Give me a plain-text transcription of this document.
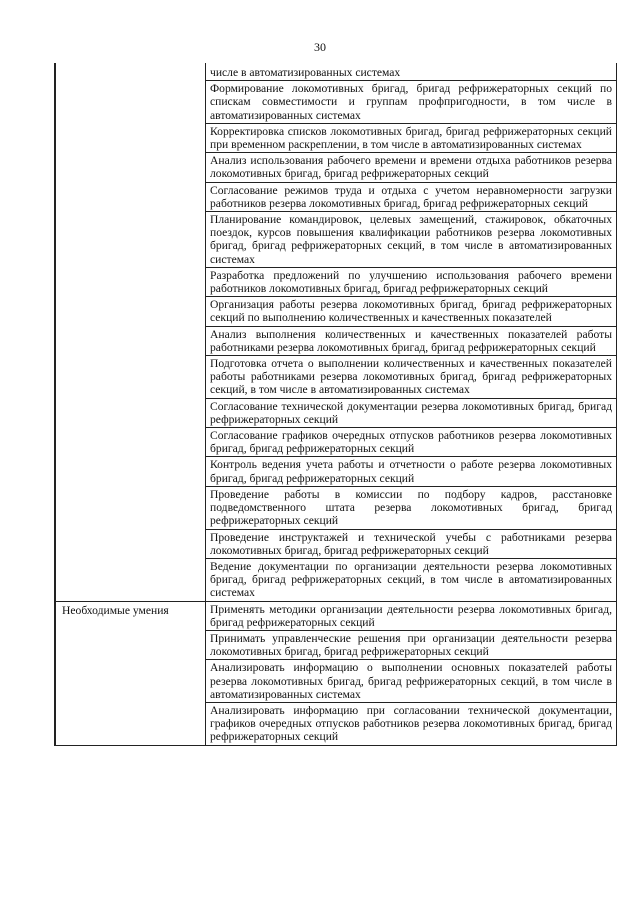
30
	числе в автоматизированных системах
	Формирование локомотивных бригад, бригад рефрижераторных секций по спискам совместимости и группам профпригодности, в том числе в автоматизированных системах
	Корректировка списков локомотивных бригад, бригад рефрижераторных секций при временном раскреплении, в том числе в автоматизированных системах
	Анализ использования рабочего времени и времени отдыха работников резерва локомотивных бригад, бригад рефрижераторных секций
	Согласование режимов труда и отдыха с учетом неравномерности загрузки работников резерва локомотивных бригад, бригад рефрижераторных секций
	Планирование командировок, целевых замещений, стажировок, обкаточных поездок, курсов повышения квалификации работников резерва локомотивных бригад, бригад рефрижераторных секций, в том числе в автоматизированных системах
	Разработка предложений по улучшению использования рабочего времени работников локомотивных бригад, бригад рефрижераторных секций
	Организация работы резерва локомотивных бригад, бригад рефрижераторных секций по выполнению количественных и качественных показателей
	Анализ выполнения количественных и качественных показателей работы работниками резерва локомотивных бригад, бригад рефрижераторных секций
	Подготовка отчета о выполнении количественных и качественных показателей работы работниками резерва локомотивных бригад, бригад рефрижераторных секций, в том числе в автоматизированных системах
	Согласование технической документации резерва локомотивных бригад, бригад рефрижераторных секций
	Согласование графиков очередных отпусков работников резерва локомотивных бригад, бригад рефрижераторных секций
	Контроль ведения учета работы и отчетности о работе резерва локомотивных бригад, бригад рефрижераторных секций
	Проведение работы в комиссии по подбору кадров, расстановке подведомственного штата резерва локомотивных бригад, бригад рефрижераторных секций
	Проведение инструктажей и технической учебы с работниками резерва локомотивных бригад, бригад рефрижераторных секций
	Ведение документации по организации деятельности резерва локомотивных бригад, бригад рефрижераторных секций, в том числе в автоматизированных системах
Необходимые умения	Применять методики организации деятельности резерва локомотивных бригад, бригад рефрижераторных секций
	Принимать управленческие решения при организации деятельности резерва локомотивных бригад, бригад рефрижераторных секций
	Анализировать информацию о выполнении основных показателей работы резерва локомотивных бригад, бригад рефрижераторных секций, в том числе в автоматизированных системах
	Анализировать информацию при согласовании технической документации, графиков очередных отпусков работников резерва локомотивных бригад, бригад рефрижераторных секций
